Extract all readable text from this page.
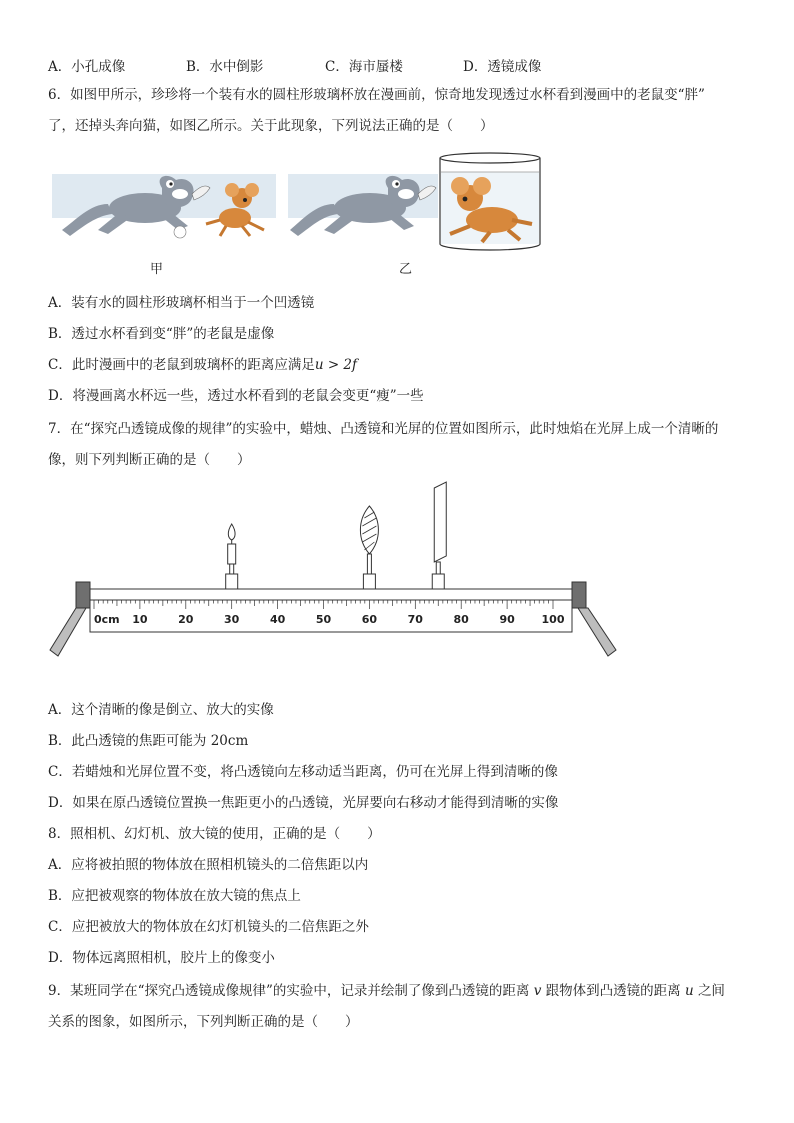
A．小孔成像	B．水中倒影	C．海市蜃楼	D．透镜成像
6．如图甲所示，珍珍将一个装有水的圆柱形玻璃杯放在漫画前，惊奇地发现透过水杯看到漫画中的老鼠变“胖”
了，还掉头奔向猫，如图乙所示。关于此现象，下列说法正确的是（　　）
甲	乙
A．装有水的圆柱形玻璃杯相当于一个凹透镜
B．透过水杯看到变“胖”的老鼠是虚像
C．此时漫画中的老鼠到玻璃杯的距离应满足u > 2f
D．将漫画离水杯远一些，透过水杯看到的老鼠会变更“瘦”一些
7．在“探究凸透镜成像的规律”的实验中，蜡烛、凸透镜和光屏的位置如图所示，此时烛焰在光屏上成一个清晰的
像，则下列判断正确的是（　　）
0cm 10	20	30	40	50	60	70	80	90 100
A．这个清晰的像是倒立、放大的实像
B．此凸透镜的焦距可能为 20cm
C．若蜡烛和光屏位置不变，将凸透镜向左移动适当距离，仍可在光屏上得到清晰的像
D．如果在原凸透镜位置换一焦距更小的凸透镜，光屏要向右移动才能得到清晰的实像
8．照相机、幻灯机、放大镜的使用，正确的是（　　）
A．应将被拍照的物体放在照相机镜头的二倍焦距以内
B．应把被观察的物体放在放大镜的焦点上
C．应把被放大的物体放在幻灯机镜头的二倍焦距之外
D．物体远离照相机，胶片上的像变小
9．某班同学在“探究凸透镜成像规律”的实验中，记录并绘制了像到凸透镜的距离 v 跟物体到凸透镜的距离 u 之间
关系的图象，如图所示，下列判断正确的是（　　）
